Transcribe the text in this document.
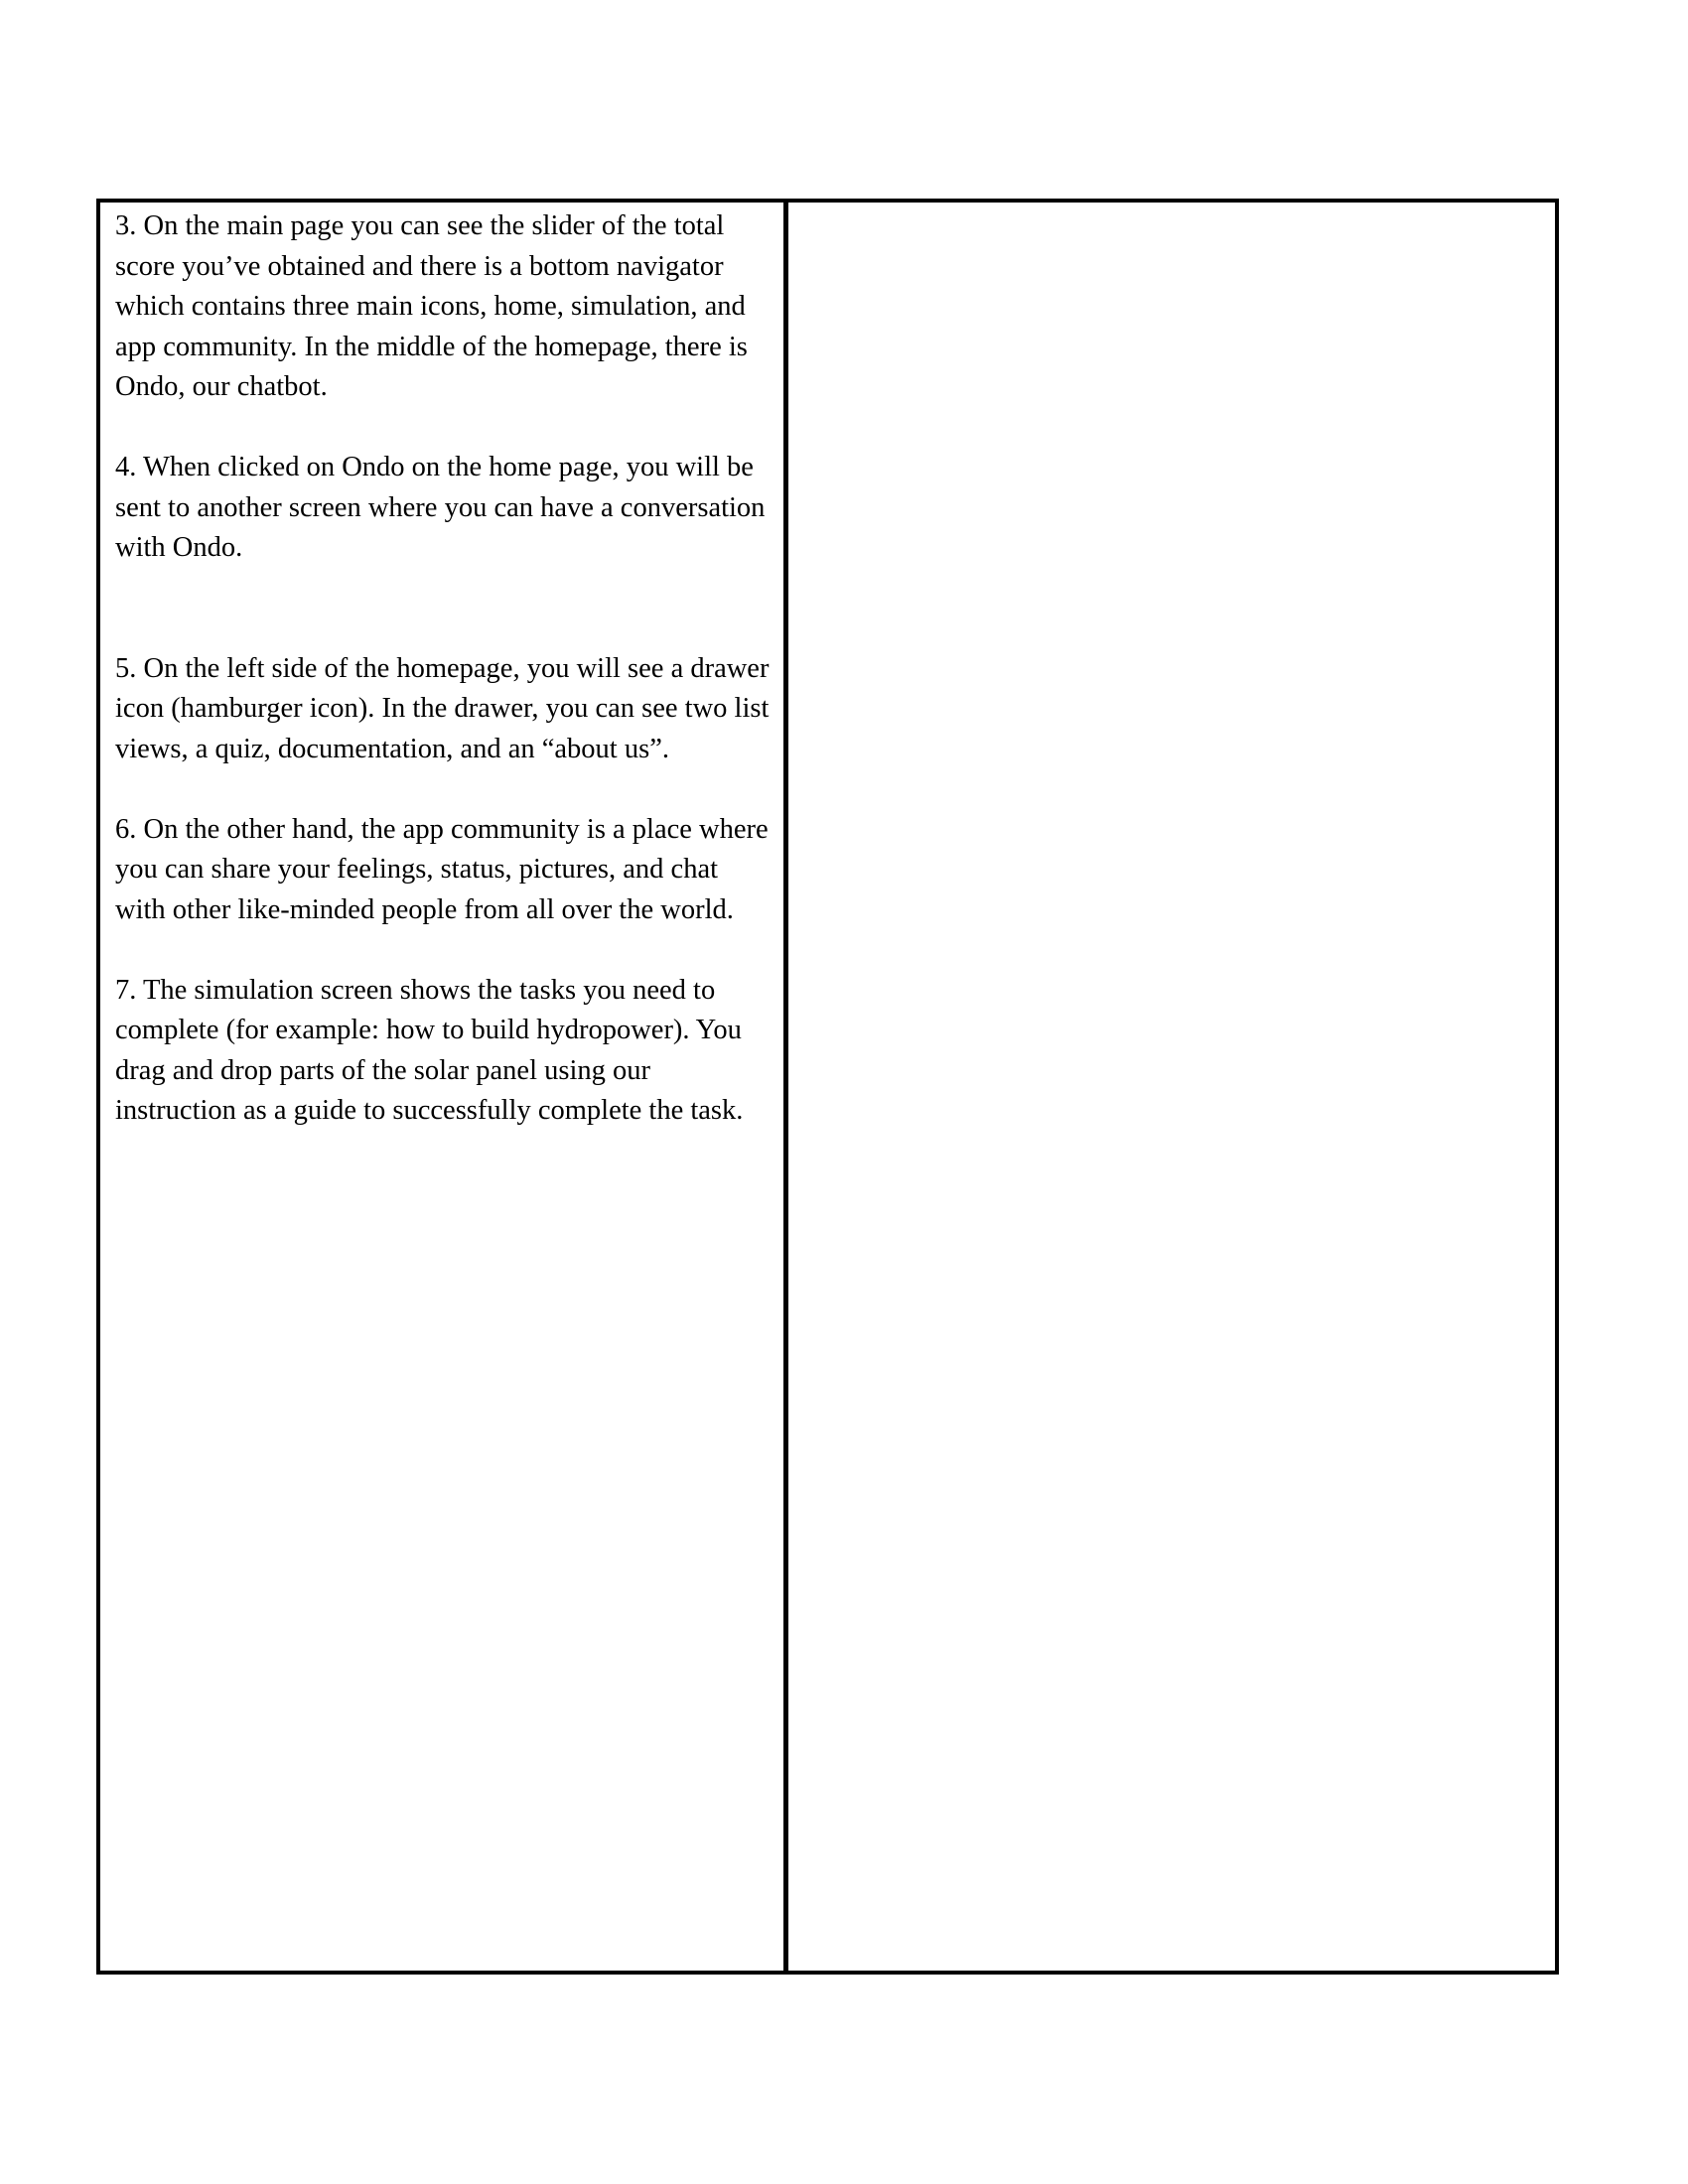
3. On the main page you can see the slider of the total score you’ve obtained and there is a bottom navigator which contains three main icons, home, simulation, and app community. In the middle of the homepage, there is Ondo, our chatbot.

4. When clicked on Ondo on the home page, you will be sent to another screen where you can have a conversation with Ondo.

5. On the left side of the homepage, you will see a drawer icon (hamburger icon). In the drawer, you can see two list views, a quiz, documentation, and an “about us”.

6. On the other hand, the app community is a place where you can share your feelings, status, pictures, and chat with other like-minded people from all over the world.

7. The simulation screen shows the tasks you need to complete (for example: how to build hydropower). You drag and drop parts of the solar panel using our instruction as a guide to successfully complete the task.
